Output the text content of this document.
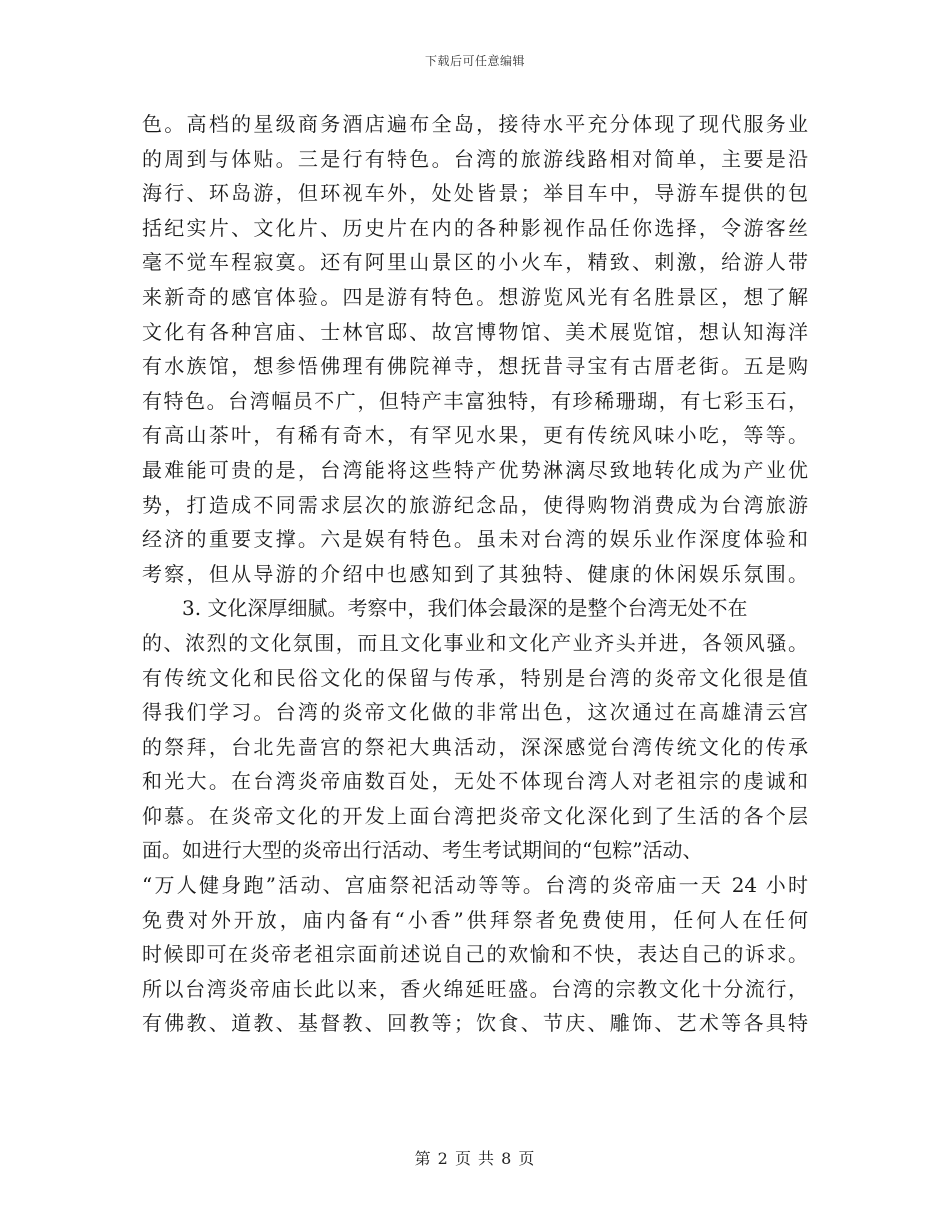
下载后可任意编辑
色。高档的星级商务酒店遍布全岛，接待水平充分体现了现代服务业
的周到与体贴。三是行有特色。台湾的旅游线路相对简单，主要是沿
海行、环岛游，但环视车外，处处皆景；举目车中，导游车提供的包
括纪实片、文化片、历史片在内的各种影视作品任你选择，令游客丝
毫不觉车程寂寞。还有阿里山景区的小火车，精致、刺激，给游人带
来新奇的感官体验。四是游有特色。想游览风光有名胜景区，想了解
文化有各种宫庙、士林官邸、故宫博物馆、美术展览馆，想认知海洋
有水族馆，想参悟佛理有佛院禅寺，想抚昔寻宝有古厝老街。五是购
有特色。台湾幅员不广，但特产丰富独特，有珍稀珊瑚，有七彩玉石，
有高山茶叶，有稀有奇木，有罕见水果，更有传统风味小吃，等等。
最难能可贵的是，台湾能将这些特产优势淋漓尽致地转化成为产业优
势，打造成不同需求层次的旅游纪念品，使得购物消费成为台湾旅游
经济的重要支撑。六是娱有特色。虽未对台湾的娱乐业作深度体验和
考察，但从导游的介绍中也感知到了其独特、健康的休闲娱乐氛围。
3. 文化深厚细腻。考察中，我们体会最深的是整个台湾无处不在
的、浓烈的文化氛围，而且文化事业和文化产业齐头并进，各领风骚。
有传统文化和民俗文化的保留与传承，特别是台湾的炎帝文化很是值
得我们学习。台湾的炎帝文化做的非常出色，这次通过在高雄清云宫
的祭拜，台北先啬宫的祭祀大典活动，深深感觉台湾传统文化的传承
和光大。在台湾炎帝庙数百处，无处不体现台湾人对老祖宗的虔诚和
仰慕。在炎帝文化的开发上面台湾把炎帝文化深化到了生活的各个层
面。如进行大型的炎帝出行活动、考生考试期间的“包粽”活动、
“万人健身跑”活动、宫庙祭祀活动等等。台湾的炎帝庙一天 24 小时
免费对外开放，庙内备有“小香”供拜祭者免费使用，任何人在任何
时候即可在炎帝老祖宗面前述说自己的欢愉和不快，表达自己的诉求。
所以台湾炎帝庙长此以来，香火绵延旺盛。台湾的宗教文化十分流行，
有佛教、道教、基督教、回教等；饮食、节庆、雕饰、艺术等各具特
第 2 页 共 8 页
